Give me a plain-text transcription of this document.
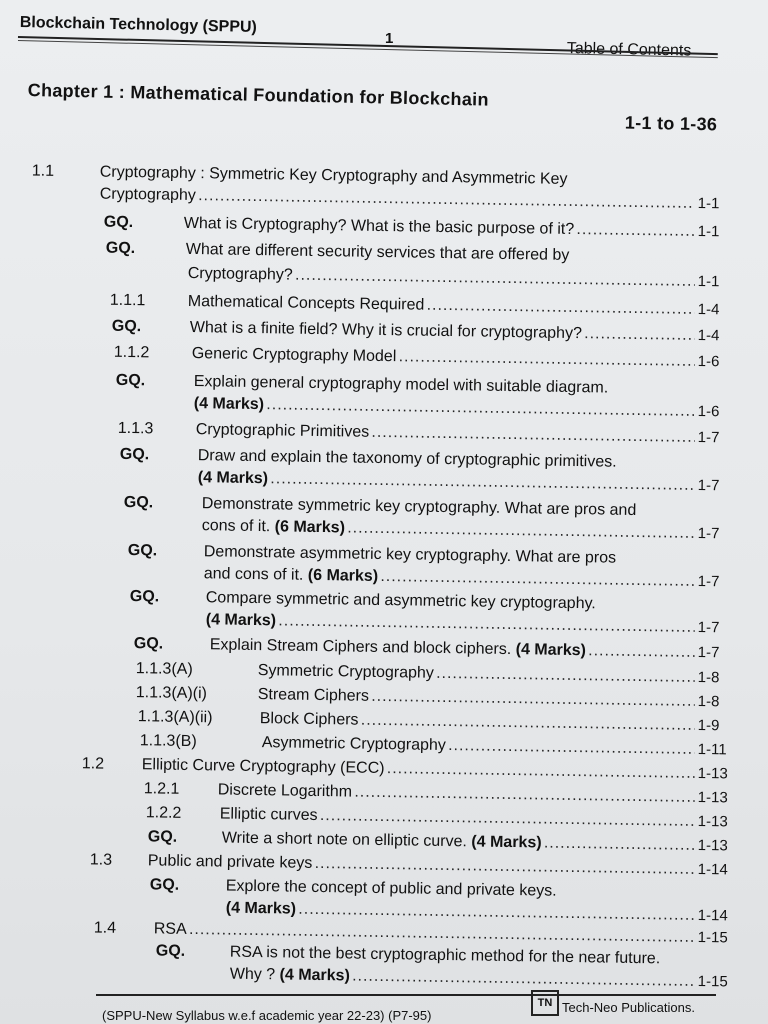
Blockchain Technology (SPPU)
1
Table of Contents
Chapter 1 : Mathematical Foundation for Blockchain
1-1 to 1-36
1.1	Cryptography : Symmetric Key Cryptography and Asymmetric Key
Cryptography	1-1
.....
GQ.	What is Cryptography? What is the basic purpose of it?	1-1
.....
GQ.	What are different security services that are offered by
Cryptography?	1-1
.....
1.1.1	Mathematical Concepts Required	1-4
.....
GQ.	What is a finite field? Why it is crucial for cryptography?	1-4
.....
1.1.2	Generic Cryptography Model	1-6
.....
GQ.	Explain general cryptography model with suitable diagram.
(4 Marks)	1-6
.....
1.1.3	Cryptographic Primitives	1-7
.....
GQ.	Draw and explain the taxonomy of cryptographic primitives.
(4 Marks)	1-7
.....
GQ.	Demonstrate symmetric key cryptography. What are pros and
cons of it. (6 Marks)	1-7
.....
GQ.	Demonstrate asymmetric key cryptography. What are pros
and cons of it. (6 Marks)	1-7
.....
GQ.	Compare symmetric and asymmetric key cryptography.
(4 Marks)	1-7
.....
GQ.	Explain Stream Ciphers and block ciphers. (4 Marks)	1-7
.....
1.1.3(A)	Symmetric Cryptography	1-8
.....
1.1.3(A)(i)	Stream Ciphers	1-8
.....
1.1.3(A)(ii)	Block Ciphers	1-9
.....
1.1.3(B)	Asymmetric Cryptography	1-11
.....
1.2 Elliptic Curve Cryptography (ECC)	1-13
.....
1.2.1 Discrete Logarithm	1-13
.....
1.2.2 Elliptic curves	1-13
.....
GQ.	Write a short note on elliptic curve. (4 Marks)	1-13
.....
1.3 Public and private keys	1-14
.....
GQ.	Explore the concept of public and private keys.
(4 Marks)	1-14
.....
1.4 RSA	1-15
.....
GQ.	RSA is not the best cryptographic method for the near future.
Why ? (4 Marks)	1-15
.....
(SPPU-New Syllabus w.e.f academic year 22-23) (P7-95)
TN Tech-Neo Publications.
